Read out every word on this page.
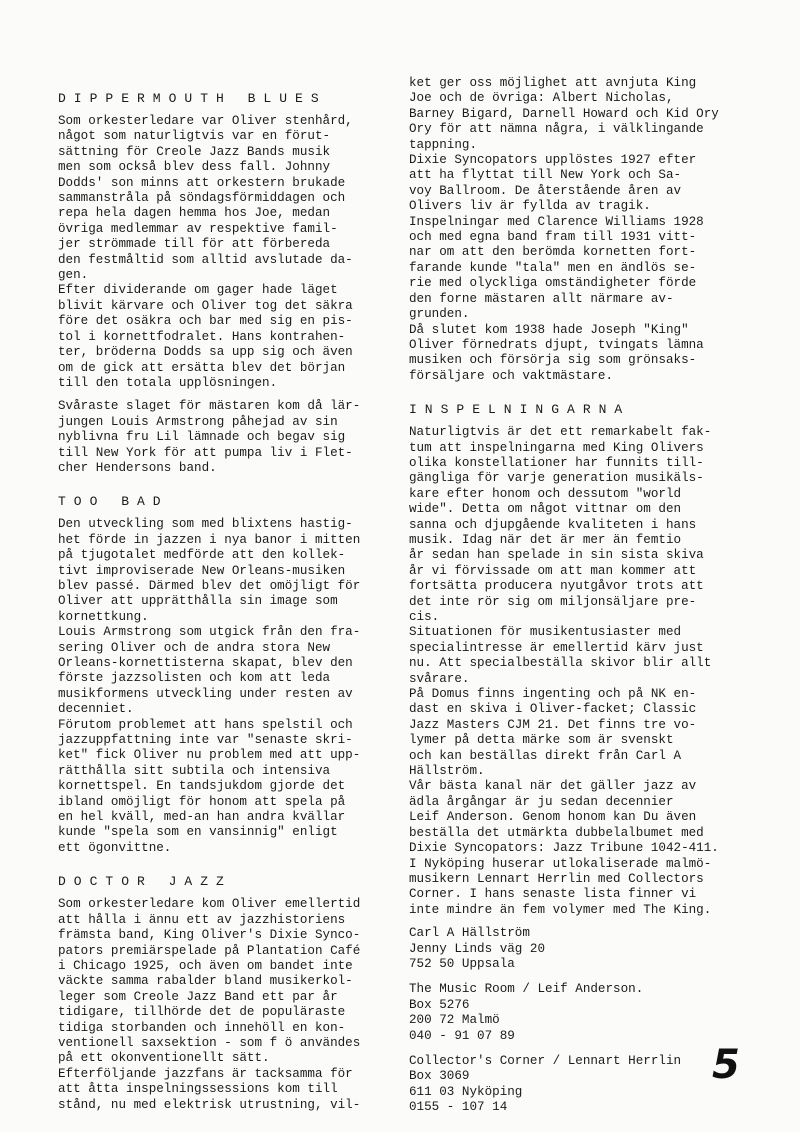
DIPPERMOUTH BLUES

Som orkesterledare var Oliver stenhård,
något som naturligtvis var en förut-
sättning för Creole Jazz Bands musik
men som också blev dess fall. Johnny
Dodds' son minns att orkestern brukade
sammanstråla på söndagsförmiddagen och
repa hela dagen hemma hos Joe, medan
övriga medlemmar av respektive famil-
jer strömmade till för att förbereda
den festmåltid som alltid avslutade da-
gen.
Efter dividerande om gager hade läget
blivit kärvare och Oliver tog det säkra
före det osäkra och bar med sig en pis-
tol i kornettfodralet. Hans kontrahen-
ter, bröderna Dodds sa upp sig och även
om de gick att ersätta blev det början
till den totala upplösningen.

Svåraste slaget för mästaren kom då lär-
jungen Louis Armstrong påhejad av sin
nyblivna fru Lil lämnade och begav sig
till New York för att pumpa liv i Flet-
cher Hendersons band.

TOO BAD

Den utveckling som med blixtens hastig-
het förde in jazzen i nya banor i mitten
på tjugotalet medförde att den kollek-
tivt improviserade New Orleans-musiken
blev passé. Därmed blev det omöjligt för
Oliver att upprätthålla sin image som
kornettkung.
Louis Armstrong som utgick från den fra-
sering Oliver och de andra stora New
Orleans-kornettisterna skapat, blev den
förste jazzsolisten och kom att leda
musikformens utveckling under resten av
decenniet.
Förutom problemet att hans spelstil och
jazzuppfattning inte var "senaste skri-
ket" fick Oliver nu problem med att upp-
rätthålla sitt subtila och intensiva
kornettspel. En tandsjukdom gjorde det
ibland omöjligt för honom att spela på
en hel kväll, med-an han andra kvällar
kunde "spela som en vansinnig" enligt
ett ögonvittne.

DOCTOR JAZZ

Som orkesterledare kom Oliver emellertid
att hålla i ännu ett av jazzhistoriens
främsta band, King Oliver's Dixie Synco-
pators premiärspelade på Plantation Café
i Chicago 1925, och även om bandet inte
väckte samma rabalder bland musikerkol-
leger som Creole Jazz Band ett par år
tidigare, tillhörde det de populäraste
tidiga storbanden och innehöll en kon-
ventionell saxsektion - som f ö användes
på ett okonventionellt sätt.
Efterföljande jazzfans är tacksamma för
att åtta inspelningssessions kom till
stånd, nu med elektrisk utrustning, vil-

ket ger oss möjlighet att avnjuta King
Joe och de övriga: Albert Nicholas,
Barney Bigard, Darnell Howard och Kid Ory
Ory för att nämna några, i välklingande
tappning.
Dixie Syncopators upplöstes 1927 efter
att ha flyttat till New York och Sa-
voy Ballroom. De återstående åren av
Olivers liv är fyllda av tragik.
Inspelningar med Clarence Williams 1928
och med egna band fram till 1931 vitt-
nar om att den berömda kornetten fort-
farande kunde "tala" men en ändlös se-
rie med olyckliga omständigheter förde
den forne mästaren allt närmare av-
grunden.
Då slutet kom 1938 hade Joseph "King"
Oliver förnedrats djupt, tvingats lämna
musiken och försörja sig som grönsaks-
försäljare och vaktmästare.

INSPELNINGARNA

Naturligtvis är det ett remarkabelt fak-
tum att inspelningarna med King Olivers
olika konstellationer har funnits till-
gängliga för varje generation musikäls-
kare efter honom och dessutom "world
wide". Detta om något vittnar om den
sanna och djupgående kvaliteten i hans
musik. Idag när det är mer än femtio
år sedan han spelade in sin sista skiva
år vi förvissade om att man kommer att
fortsätta producera nyutgåvor trots att
det inte rör sig om miljonsäljare pre-
cis.
Situationen för musikentusiaster med
specialintresse är emellertid kärv just
nu. Att specialbeställa skivor blir allt
svårare.
På Domus finns ingenting och på NK en-
dast en skiva i Oliver-facket; Classic
Jazz Masters CJM 21. Det finns tre vo-
lymer på detta märke som är svenskt
och kan beställas direkt från Carl A
Hällström.
Vår bästa kanal när det gäller jazz av
ädla årgångar är ju sedan decennier
Leif Anderson. Genom honom kan Du även
beställa det utmärkta dubbelalbumet med
Dixie Syncopators: Jazz Tribune 1042-411.
I Nyköping huserar utlokaliserade malmö-
musikern Lennart Herrlin med Collectors
Corner. I hans senaste lista finner vi
inte mindre än fem volymer med The King.

Carl A Hällström
Jenny Linds väg 20
752 50 Uppsala
The Music Room / Leif Anderson.
Box 5276
200 72 Malmö
040 - 91 07 89
Collector's Corner / Lennart Herrlin
Box 3069
611 03 Nyköping
0155 - 107 14
5
